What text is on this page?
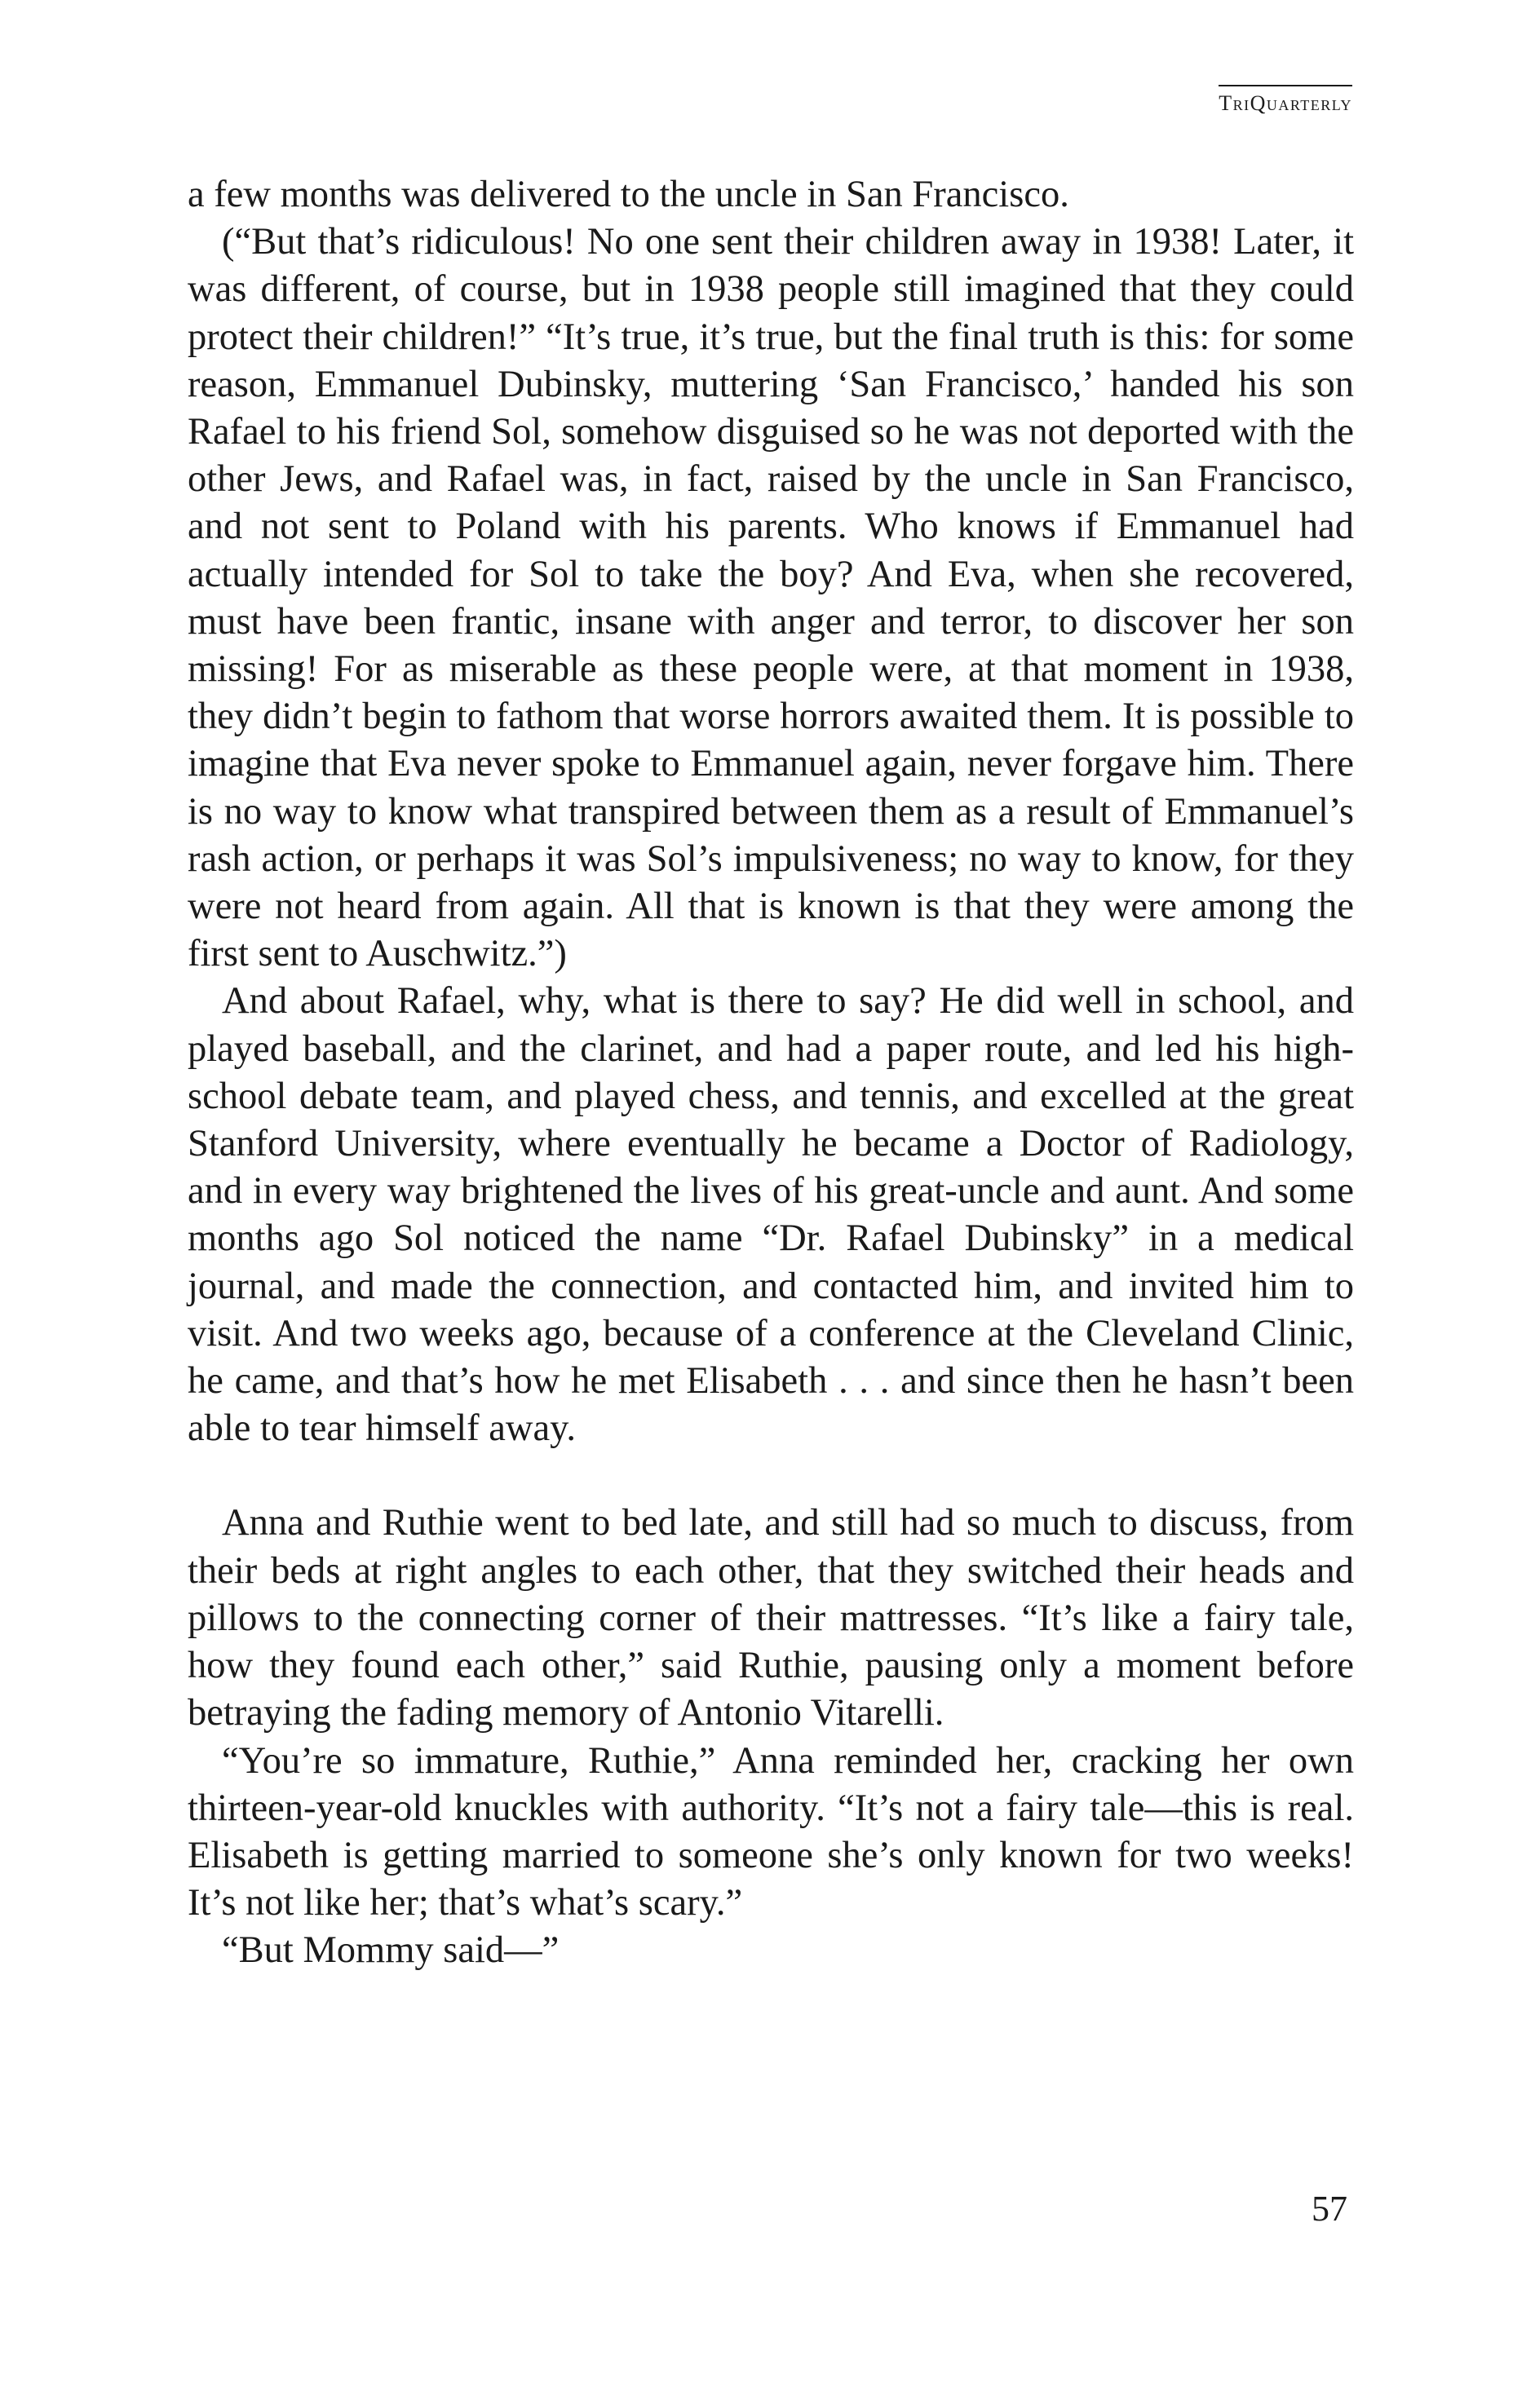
TriQuarterly

a few months was delivered to the uncle in San Francisco.

(“But that’s ridiculous! No one sent their children away in 1938! Later, it was different, of course, but in 1938 people still imagined that they could protect their children!” “It’s true, it’s true, but the final truth is this: for some reason, Emmanuel Dubinsky, muttering ‘San Francisco,’ handed his son Rafael to his friend Sol, somehow disguised so he was not deported with the other Jews, and Rafael was, in fact, raised by the uncle in San Francisco, and not sent to Poland with his parents. Who knows if Emmanuel had actually intended for Sol to take the boy? And Eva, when she recovered, must have been frantic, insane with anger and terror, to discover her son missing! For as miserable as these people were, at that moment in 1938, they didn’t begin to fathom that worse horrors awaited them. It is possible to imagine that Eva never spoke to Emmanuel again, never forgave him. There is no way to know what transpired between them as a result of Emmanuel’s rash action, or perhaps it was Sol’s impulsiveness; no way to know, for they were not heard from again. All that is known is that they were among the first sent to Auschwitz.”)

And about Rafael, why, what is there to say? He did well in school, and played baseball, and the clarinet, and had a paper route, and led his high-school debate team, and played chess, and tennis, and excelled at the great Stanford University, where eventually he became a Doctor of Radiology, and in every way brightened the lives of his great-uncle and aunt. And some months ago Sol noticed the name “Dr. Rafael Dubinsky” in a medical journal, and made the connection, and contacted him, and invited him to visit. And two weeks ago, because of a conference at the Cleveland Clinic, he came, and that’s how he met Elisabeth . . . and since then he hasn’t been able to tear himself away.

Anna and Ruthie went to bed late, and still had so much to discuss, from their beds at right angles to each other, that they switched their heads and pillows to the connecting corner of their mattresses. “It’s like a fairy tale, how they found each other,” said Ruthie, pausing only a moment before betraying the fading memory of Antonio Vitarelli.

“You’re so immature, Ruthie,” Anna reminded her, cracking her own thirteen-year-old knuckles with authority. “It’s not a fairy tale—this is real. Elisabeth is getting married to someone she’s only known for two weeks! It’s not like her; that’s what’s scary.”

“But Mommy said—”

57
